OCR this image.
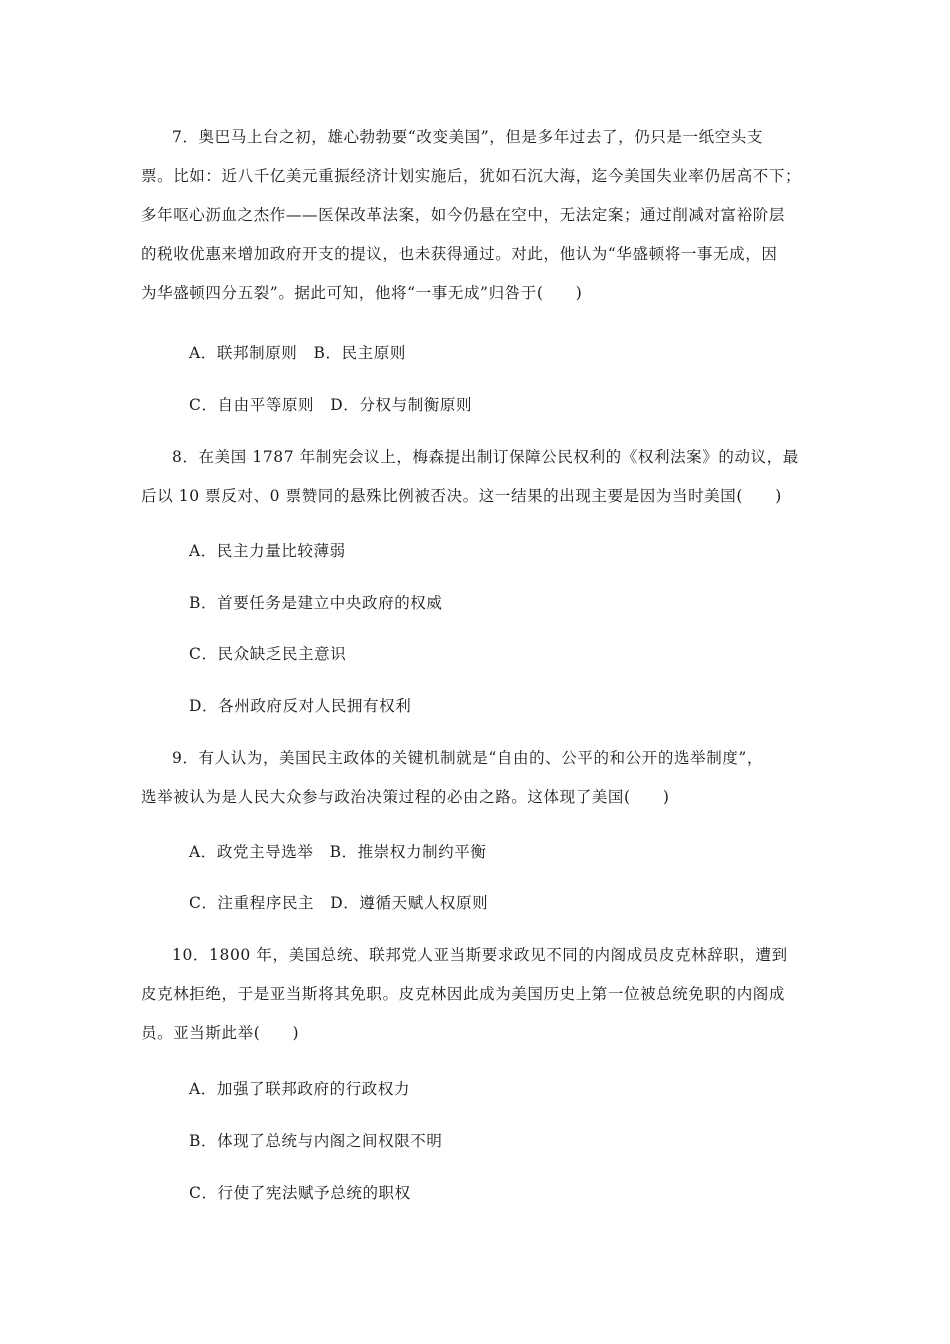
7．奥巴马上台之初，雄心勃勃要“改变美国”，但是多年过去了，仍只是一纸空头支
票。比如：近八千亿美元重振经济计划实施后，犹如石沉大海，迄今美国失业率仍居高不下；
多年呕心沥血之杰作——医保改革法案，如今仍悬在空中，无法定案；通过削减对富裕阶层
的税收优惠来增加政府开支的提议，也未获得通过。对此，他认为“华盛顿将一事无成，因
为华盛顿四分五裂”。据此可知，他将“一事无成”归咎于(　　)
A．联邦制原则　B．民主原则
C．自由平等原则　D．分权与制衡原则
8．在美国 1787 年制宪会议上，梅森提出制订保障公民权利的《权利法案》的动议，最
后以 10 票反对、0 票赞同的悬殊比例被否决。这一结果的出现主要是因为当时美国(　　)
A．民主力量比较薄弱
B．首要任务是建立中央政府的权威
C．民众缺乏民主意识
D．各州政府反对人民拥有权利
9．有人认为，美国民主政体的关键机制就是“自由的、公平的和公开的选举制度”，
选举被认为是人民大众参与政治决策过程的必由之路。这体现了美国(　　)
A．政党主导选举　B．推崇权力制约平衡
C．注重程序民主　D．遵循天赋人权原则
10．1800 年，美国总统、联邦党人亚当斯要求政见不同的内阁成员皮克林辞职，遭到
皮克林拒绝，于是亚当斯将其免职。皮克林因此成为美国历史上第一位被总统免职的内阁成
员。亚当斯此举(　　)
A．加强了联邦政府的行政权力
B．体现了总统与内阁之间权限不明
C．行使了宪法赋予总统的职权
